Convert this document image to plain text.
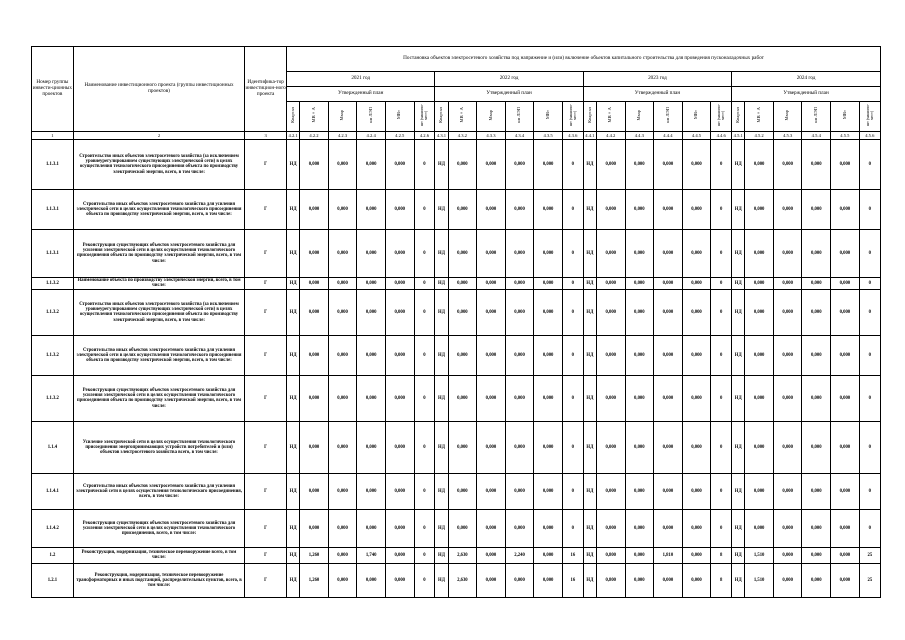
Номер группы инвести-ционных проектов	Наименование инвестиционного проекта (группы инвестиционных проектов)	Идентифика-тор инвестицион-ного проекта	Постановка объектов электросетевого хозяйства под напряжение и (или) включение объектов капитального строительства для проведения пусконаладочных работ																							
			2021 год						2022 год						2023 год						2024 год					
			Утвержденный план						Утвержденный план						Утвержденный план						Утвержденный план					
			Квартал	МВ×А	Мвар	км ЛЭП	МВт	шт (машино-мест)	Квартал	МВ×А	Мвар	км ЛЭП	МВт	шт (машино-мест)	Квартал	МВ×А	Мвар	км ЛЭП	МВт	шт (машино-мест)	Квартал	МВ×А	Мвар	км ЛЭП	МВт	шт (машино-мест)
1	2	3	4.2.1	4.2.2	4.2.3	4.2.4	4.2.5	4.2.6	4.3.1	4.3.2	4.3.3	4.3.4	4.3.5	4.3.6	4.4.1	4.4.2	4.4.3	4.4.4	4.4.5	4.4.6	4.5.1	4.5.2	4.5.3	4.5.4	4.5.5	4.5.6
1.1.3.1	Строительство иных объектов электросетевого хозяйства (за исключением уровнеурегулированием существующих электрической сети) в целях осуществления технологического присоединения объекта по производству электрической энергии, всего, в том числе:	Г	НД	0,000	0,000	0,000	0,000	0	НД	0,000	0,000	0,000	0,000	0	НД	0,000	0,000	0,000	0,000	0	НД	0,000	0,000	0,000	0,000	0
1.1.3.1	Строительство иных объектов электросетевого хозяйства для усиления электрической сети в целях осуществления технологического присоединения объекта по производству электрической энергии, всего, в том числе:	Г	НД	0,000	0,000	0,000	0,000	0	НД	0,000	0,000	0,000	0,000	0	НД	0,000	0,000	0,000	0,000	0	НД	0,000	0,000	0,000	0,000	0
1.1.3.1	Реконструкция существующих объектов электросетевого хозяйства для усиления электрической сети в целях осуществления технологического присоединения объекта по производству электрической энергии, всего, в том числе:	Г	НД	0,000	0,000	0,000	0,000	0	НД	0,000	0,000	0,000	0,000	0	НД	0,000	0,000	0,000	0,000	0	НД	0,000	0,000	0,000	0,000	0
1.1.3.2	Наименование объекта по производству электрической энергии, всего, в том числе:	Г	НД	0,000	0,000	0,000	0,000	0	НД	0,000	0,000	0,000	0,000	0	НД	0,000	0,000	0,000	0,000	0	НД	0,000	0,000	0,000	0,000	0
1.1.3.2	Строительство иных объектов электросетевого хозяйства (за исключением уровнеурегулированием существующих электрической сети) в целях осуществления технологического присоединения объекта по производству электрической энергии, всего, в том числе:	Г	НД	0,000	0,000	0,000	0,000	0	НД	0,000	0,000	0,000	0,000	0	НД	0,000	0,000	0,000	0,000	0	НД	0,000	0,000	0,000	0,000	0
1.1.3.2	Строительство иных объектов электросетевого хозяйства для усиления электрической сети в целях осуществления технологического присоединения объекта по производству электрической энергии, всего, в том числе:	Г	НД	0,000	0,000	0,000	0,000	0	НД	0,000	0,000	0,000	0,000	0	НД	0,000	0,000	0,000	0,000	0	НД	0,000	0,000	0,000	0,000	0
1.1.3.2	Реконструкция существующих объектов электросетевого хозяйства для усиления электрической сети в целях осуществления технологического присоединения объекта по производству электрической энергии, всего, в том числе:	Г	НД	0,000	0,000	0,000	0,000	0	НД	0,000	0,000	0,000	0,000	0	НД	0,000	0,000	0,000	0,000	0	НД	0,000	0,000	0,000	0,000	0
1.1.4	Усиление электрической сети в целях осуществления технологического присоединения энергопринимающих устройств потребителей и (или) объектов электросетевого хозяйства всего, в том числе:	Г	НД	0,000	0,000	0,000	0,000	0	НД	0,000	0,000	0,000	0,000	0	НД	0,000	0,000	0,000	0,000	0	НД	0,000	0,000	0,000	0,000	0
1.1.4.1	Строительство иных объектов электросетевого хозяйства для усиления электрической сети в целях осуществления технологического присоединения, всего, в том числе:	Г	НД	0,000	0,000	0,000	0,000	0	НД	0,000	0,000	0,000	0,000	0	НД	0,000	0,000	0,000	0,000	0	НД	0,000	0,000	0,000	0,000	0
1.1.4.2	Реконструкция существующих объектов электросетевого хозяйства для усиления электрической сети в целях осуществления технологического присоединения, всего, в том числе:	Г	НД	0,000	0,000	0,000	0,000	0	НД	0,000	0,000	0,000	0,000	0	НД	0,000	0,000	0,000	0,000	0	НД	0,000	0,000	0,000	0,000	0
1.2	Реконструкция, модернизация, техническое перевооружение всего, в том числе:	Г	НД	1,260	0,000	1,740	0,000	0	НД	2,630	0,000	2,240	0,000	16	НД	0,800	0,000	1,810	0,000	8	НД	1,510	0,000	0,000	0,000	25
1.2.1	Реконструкция, модернизация, техническое перевооружение трансформаторных и иных подстанций, распределительных пунктов, всего, в том числе:	Г	НД	1,260	0,000	0,000	0,000	0	НД	2,630	0,000	0,000	0,000	16	НД	0,800	0,000	0,000	0,000	8	НД	1,510	0,000	0,000	0,000	25
